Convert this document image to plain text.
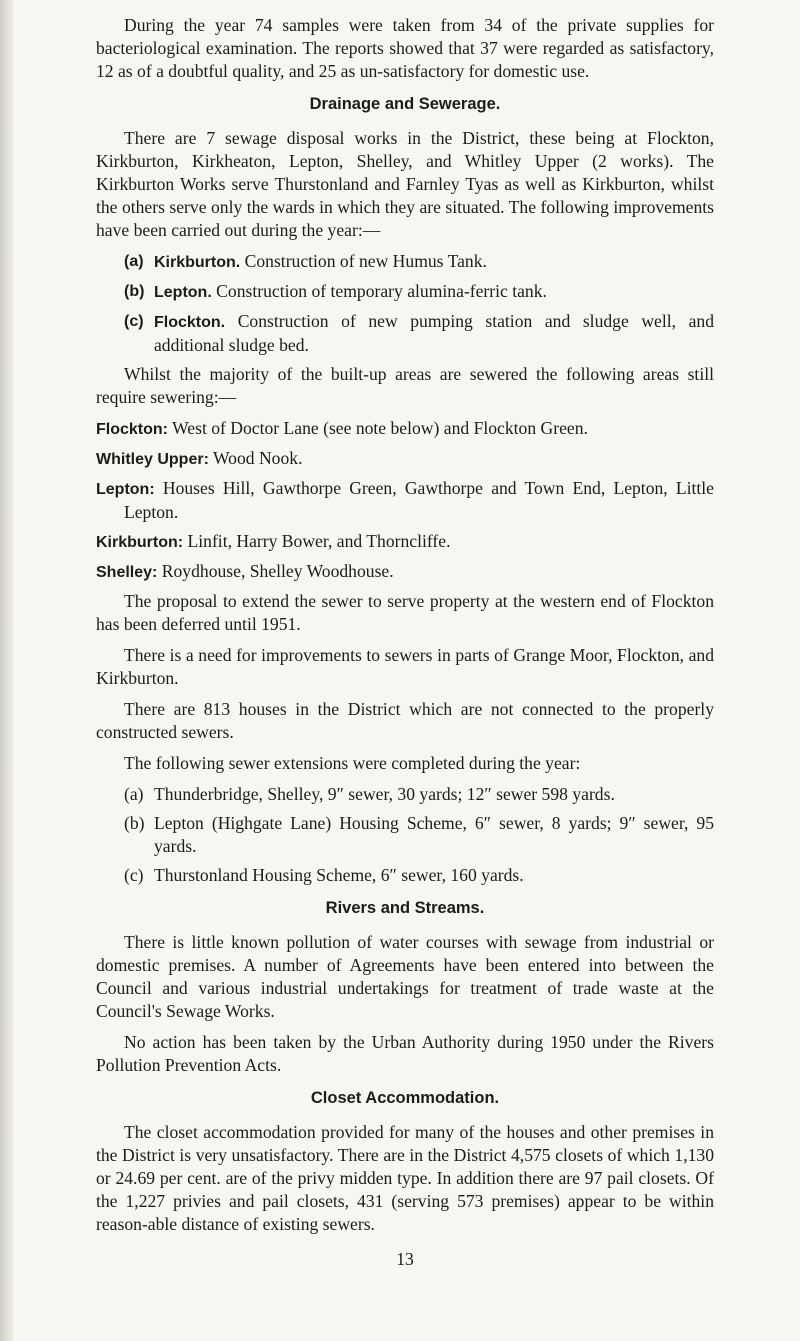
During the year 74 samples were taken from 34 of the private supplies for bacteriological examination. The reports showed that 37 were regarded as satisfactory, 12 as of a doubtful quality, and 25 as un-satisfactory for domestic use.

Drainage and Sewerage.

There are 7 sewage disposal works in the District, these being at Flockton, Kirkburton, Kirkheaton, Lepton, Shelley, and Whitley Upper (2 works). The Kirkburton Works serve Thurstonland and Farnley Tyas as well as Kirkburton, whilst the others serve only the wards in which they are situated. The following improvements have been carried out during the year:—

(a) Kirkburton. Construction of new Humus Tank.
(b) Lepton. Construction of temporary alumina-ferric tank.
(c) Flockton. Construction of new pumping station and sludge well, and additional sludge bed.

Whilst the majority of the built-up areas are sewered the following areas still require sewering:—

Flockton: West of Doctor Lane (see note below) and Flockton Green.
Whitley Upper: Wood Nook.
Lepton: Houses Hill, Gawthorpe Green, Gawthorpe and Town End, Lepton, Little Lepton.
Kirkburton: Linfit, Harry Bower, and Thorncliffe.
Shelley: Roydhouse, Shelley Woodhouse.

The proposal to extend the sewer to serve property at the western end of Flockton has been deferred until 1951.

There is a need for improvements to sewers in parts of Grange Moor, Flockton, and Kirkburton.

There are 813 houses in the District which are not connected to the properly constructed sewers.

The following sewer extensions were completed during the year:

(a) Thunderbridge, Shelley, 9″ sewer, 30 yards; 12″ sewer 598 yards.
(b) Lepton (Highgate Lane) Housing Scheme, 6″ sewer, 8 yards; 9″ sewer, 95 yards.
(c) Thurstonland Housing Scheme, 6″ sewer, 160 yards.
Rivers and Streams.

There is little known pollution of water courses with sewage from industrial or domestic premises. A number of Agreements have been entered into between the Council and various industrial undertakings for treatment of trade waste at the Council's Sewage Works.

No action has been taken by the Urban Authority during 1950 under the Rivers Pollution Prevention Acts.

Closet Accommodation.

The closet accommodation provided for many of the houses and other premises in the District is very unsatisfactory. There are in the District 4,575 closets of which 1,130 or 24.69 per cent. are of the privy midden type. In addition there are 97 pail closets. Of the 1,227 privies and pail closets, 431 (serving 573 premises) appear to be within reason-able distance of existing sewers.

13
